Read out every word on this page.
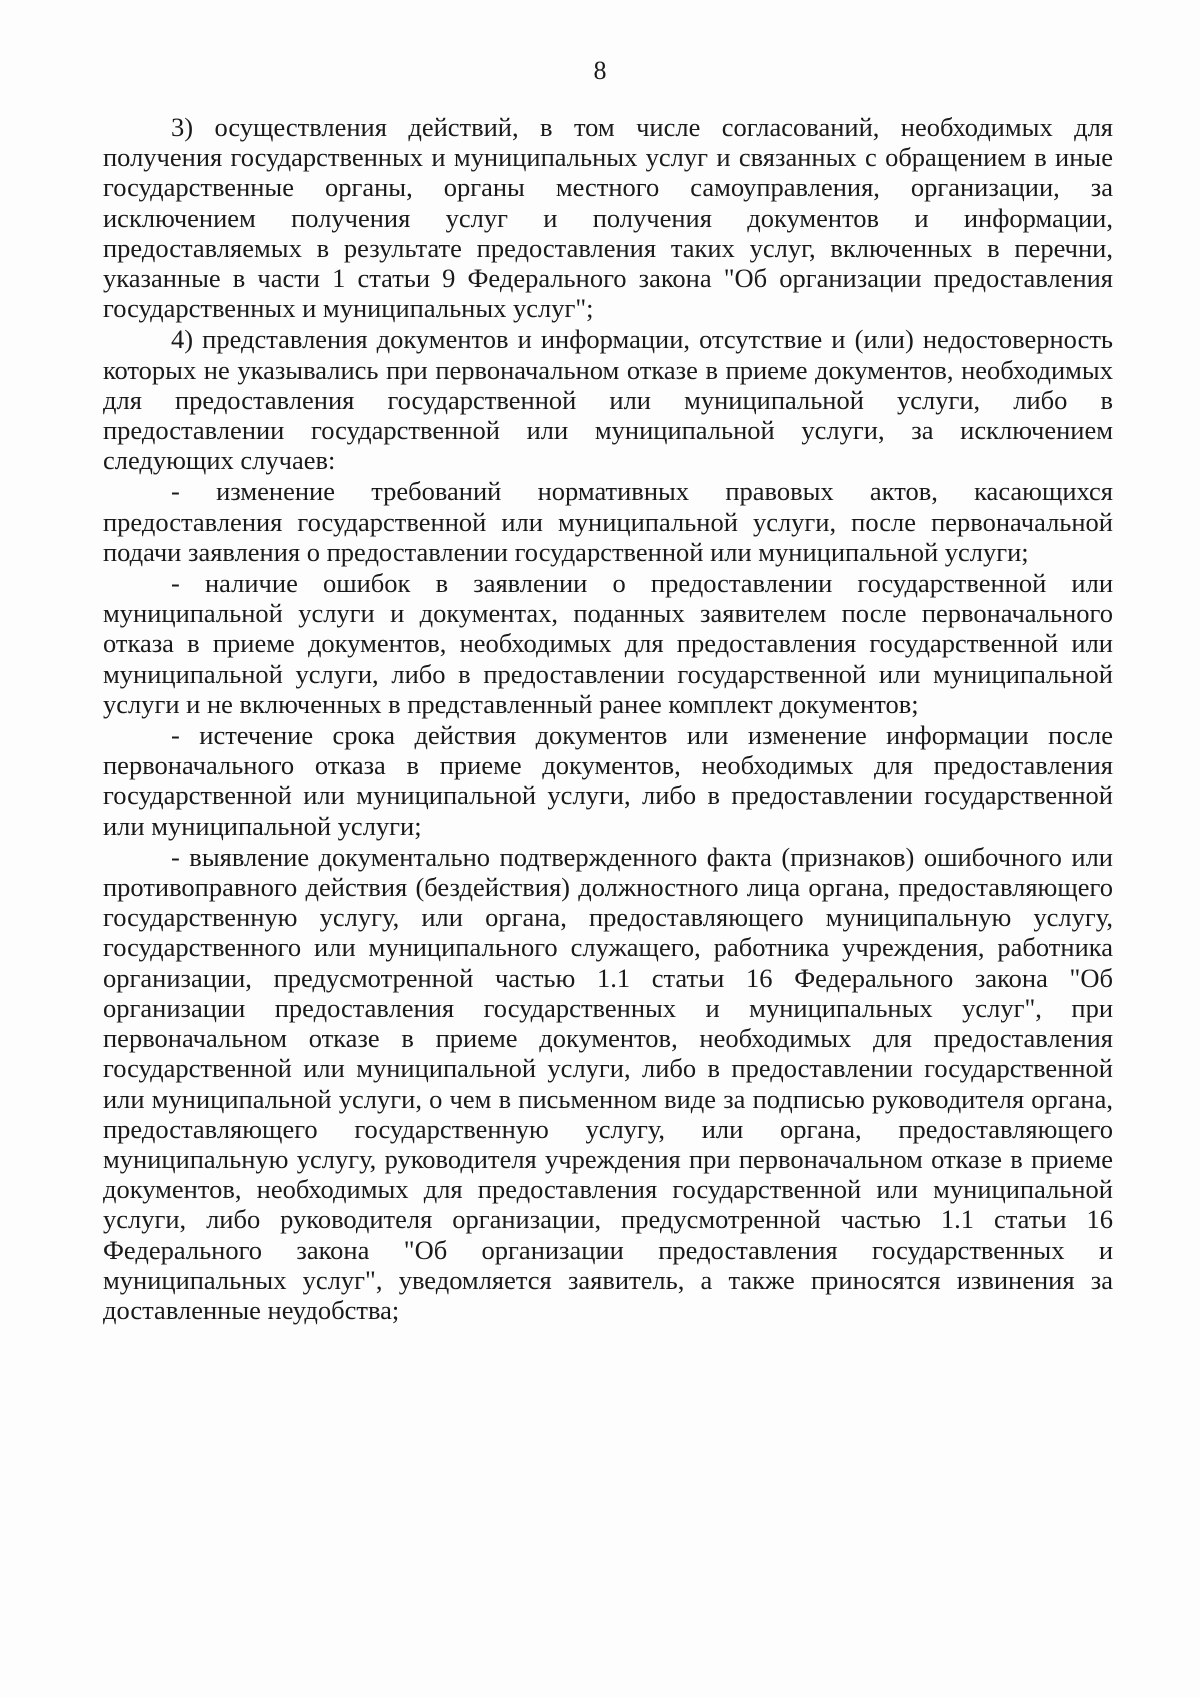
8

3) осуществления действий, в том числе согласований, необходимых для получения государственных и муниципальных услуг и связанных с обращением в иные государственные органы, органы местного самоуправления, организации, за исключением получения услуг и получения документов и информации, предоставляемых в результате предоставления таких услуг, включенных в перечни, указанные в части 1 статьи 9 Федерального закона "Об организации предоставления государственных и муниципальных услуг";

4) представления документов и информации, отсутствие и (или) недостоверность которых не указывались при первоначальном отказе в приеме документов, необходимых для предоставления государственной или муниципальной услуги, либо в предоставлении государственной или муниципальной услуги, за исключением следующих случаев:

- изменение требований нормативных правовых актов, касающихся предоставления государственной или муниципальной услуги, после первоначальной подачи заявления о предоставлении государственной или муниципальной услуги;

- наличие ошибок в заявлении о предоставлении государственной или муниципальной услуги и документах, поданных заявителем после первоначального отказа в приеме документов, необходимых для предоставления государственной или муниципальной услуги, либо в предоставлении государственной или муниципальной услуги и не включенных в представленный ранее комплект документов;

- истечение срока действия документов или изменение информации после первоначального отказа в приеме документов, необходимых для предоставления государственной или муниципальной услуги, либо в предоставлении государственной или муниципальной услуги;

- выявление документально подтвержденного факта (признаков) ошибочного или противоправного действия (бездействия) должностного лица органа, предоставляющего государственную услугу, или органа, предоставляющего муниципальную услугу, государственного или муниципального служащего, работника учреждения, работника организации, предусмотренной частью 1.1 статьи 16 Федерального закона "Об организации предоставления государственных и муниципальных услуг", при первоначальном отказе в приеме документов, необходимых для предоставления государственной или муниципальной услуги, либо в предоставлении государственной или муниципальной услуги, о чем в письменном виде за подписью руководителя органа, предоставляющего государственную услугу, или органа, предоставляющего муниципальную услугу, руководителя учреждения при первоначальном отказе в приеме документов, необходимых для предоставления государственной или муниципальной услуги, либо руководителя организации, предусмотренной частью 1.1 статьи 16 Федерального закона "Об организации предоставления государственных и муниципальных услуг", уведомляется заявитель, а также приносятся извинения за доставленные неудобства;
